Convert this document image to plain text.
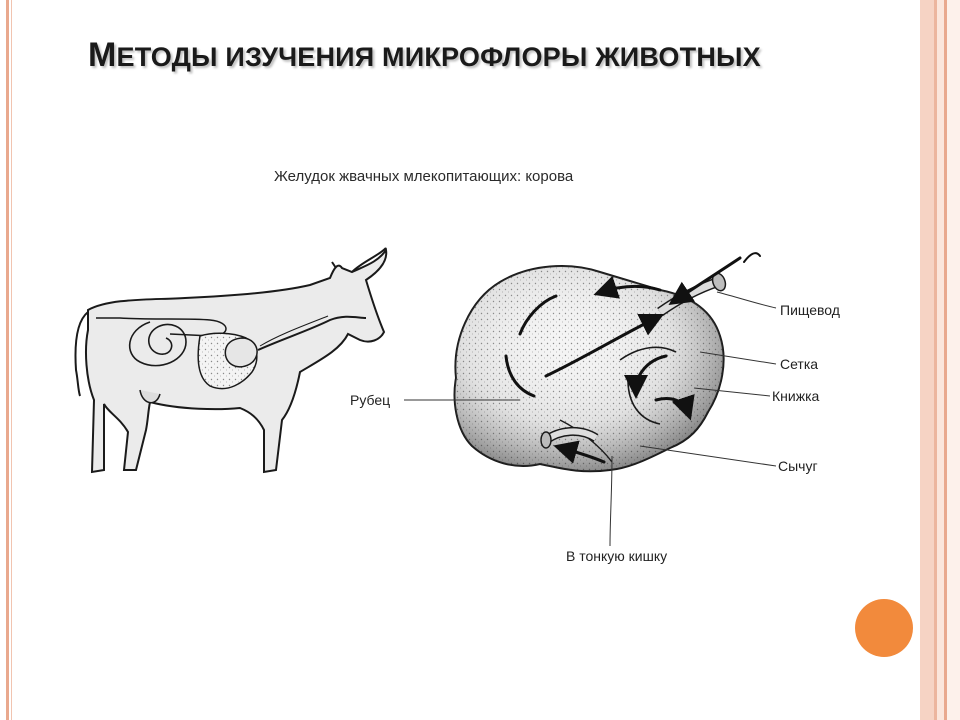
МЕТОДЫ ИЗУЧЕНИЯ МИКРОФЛОРЫ ЖИВОТНЫХ
Желудок жвачных млекопитающих: корова
Пищевод
Сетка
Книжка
Рубец
Сычуг
В тонкую кишку
